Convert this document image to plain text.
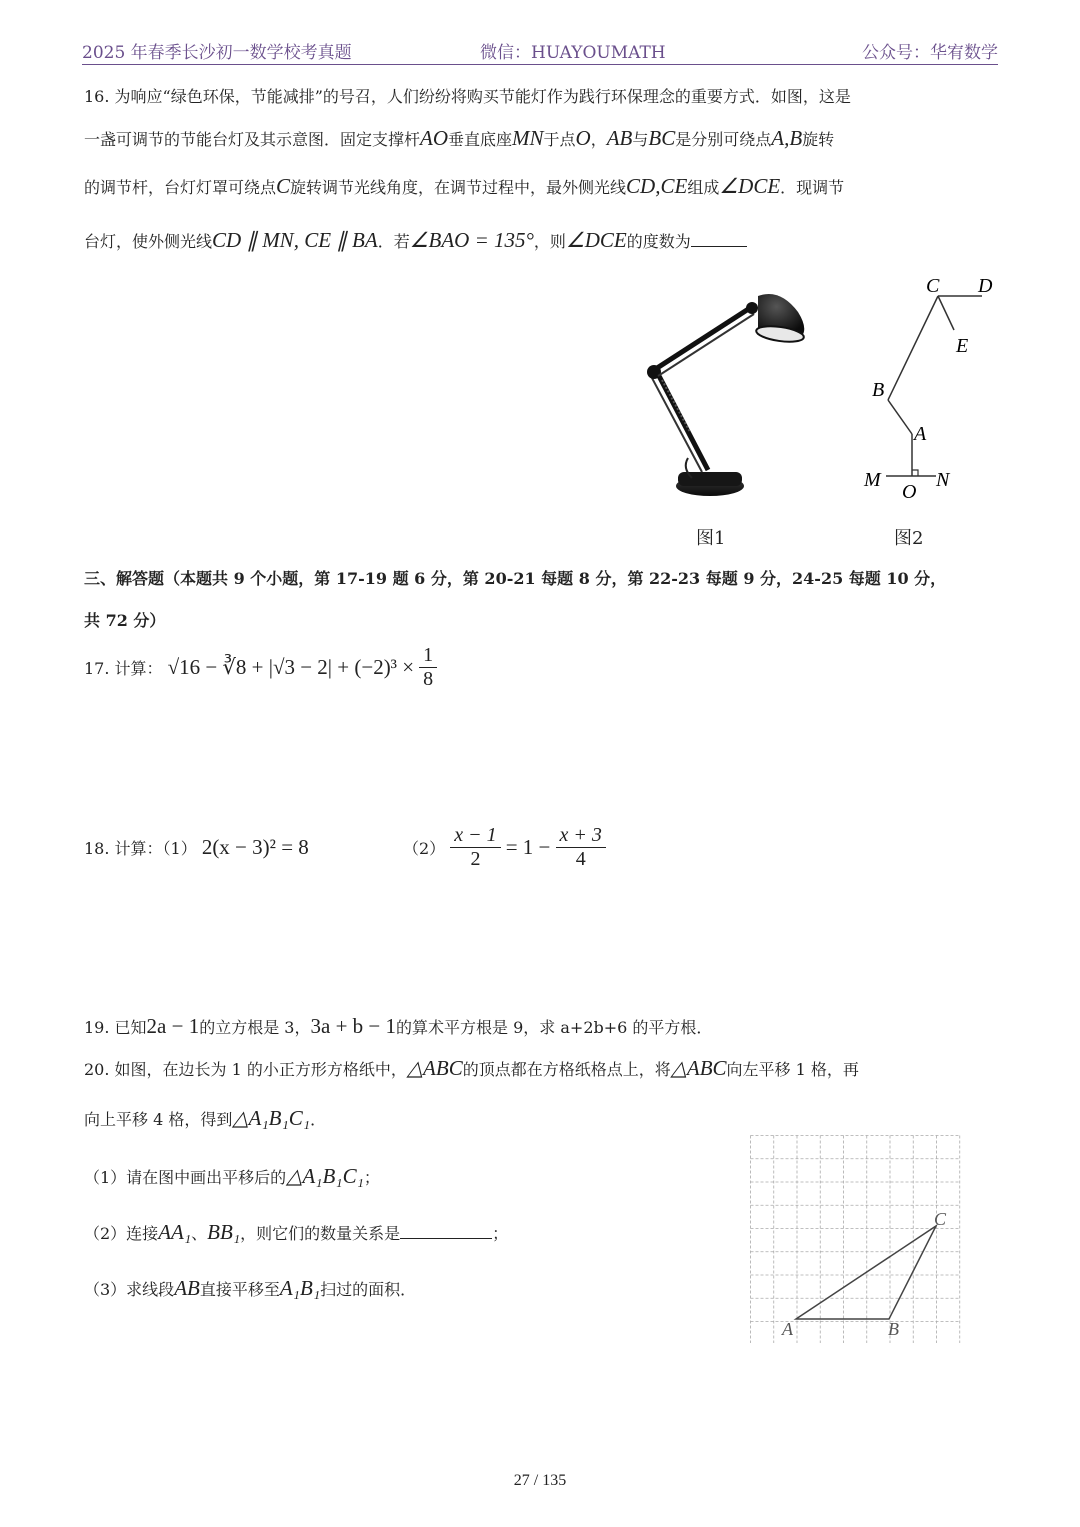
2025 年春季长沙初一数学校考真题	微信：HUAYOUMATH	公众号：华宥数学
16. 为响应“绿色环保，节能减排”的号召，人们纷纷将购买节能灯作为践行环保理念的重要方式．如图，这是
一盏可调节的节能台灯及其示意图．固定支撑杆AO垂直底座MN于点O，AB与BC是分别可绕点A,B旋转
的调节杆，台灯灯罩可绕点C旋转调节光线角度，在调节过程中，最外侧光线CD,CE组成∠DCE．现调节
台灯，使外侧光线CD ∥ MN, CE ∥ BA．若∠BAO = 135°，则∠DCE的度数为
图1
C D
E
B
A
M
O
N
图2
三、解答题（本题共 9 个小题，第 17-19 题 6 分，第 20-21 每题 8 分，第 22-23 每题 9 分，24-25 每题 10 分，
共 72 分）
17. 计算： √16 − ∛8 + $|√3 - 2| + (-2)^3 \times \frac{1}{8}$
18. 计算：（1） 2(x − 3)² = 8	$(2) \frac{x - 1}{2} = 1 - \frac{x + 3}{4}$
19. 已知2a − 1的立方根是 3，3a + b − 1的算术平方根是 9，求 a+2b+6 的平方根．
20. 如图，在边长为 1 的小正方形方格纸中，△ABC的顶点都在方格纸格点上，将△ABC向左平移 1 格，再
向上平移 4 格，得到△A₁B₁C₁．
（1）请在图中画出平移后的△A₁B₁C₁；
（2）连接AA₁、BB₁，则它们的数量关系是	；
（3）求线段AB直接平移至A₁B₁扫过的面积．
A	B
C
27 / 135
